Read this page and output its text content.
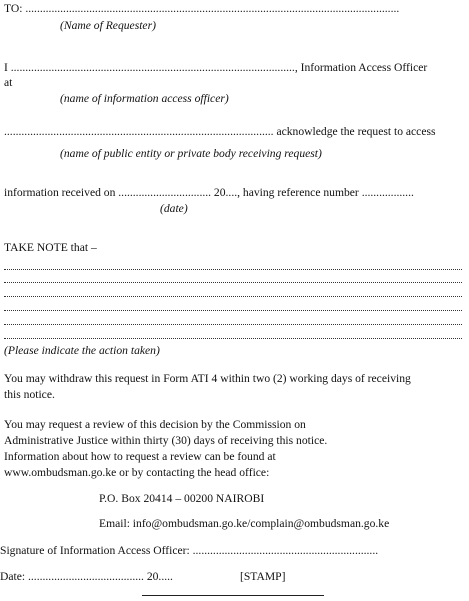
TO: .................................................................................................................................
(Name of Requester)
I .................................................................................................., Information Access Officer
at
(name of information access officer)
............................................................................................. acknowledge the request to access
(name of public entity or private body receiving request)
information received on ................................ 20...., having reference number ..................
(date)
TAKE NOTE that –
(Please indicate the action taken)
You may withdraw this request in Form ATI 4 within two (2) working days of receiving
this notice.
You may request a review of this decision by the Commission on
Administrative Justice within thirty (30) days of receiving this notice.
Information about how to request a review can be found at
www.ombudsman.go.ke or by contacting the head office:
P.O. Box 20414 – 00200 NAIROBI
Email: info@ombudsman.go.ke/complain@ombudsman.go.ke
Signature of Information Access Officer: ................................................................
Date: ........................................ 20.....	[STAMP]
